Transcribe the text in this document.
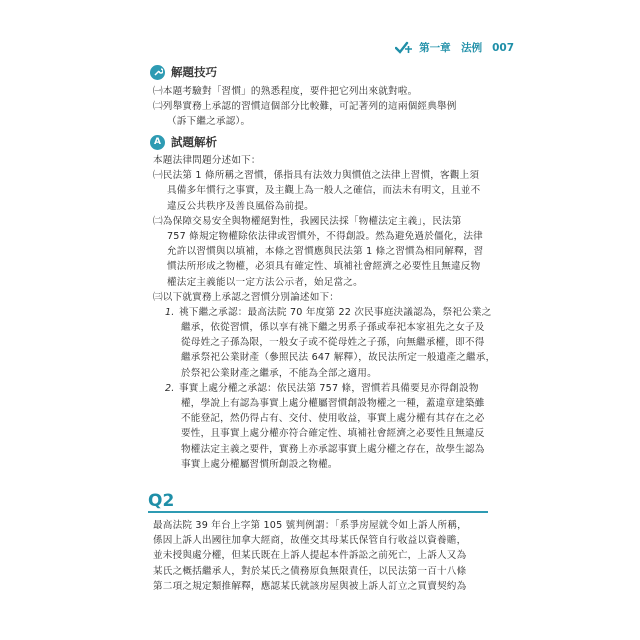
第一章　法例 007
解題技巧
㈠本題考驗對「習慣」的熟悉程度，要件把它列出來就對啦。
㈡列舉實務上承認的習慣這個部分比較難，可記著列的這兩個經典舉例
（訴下繼之承認）。
A 試題解析
本題法律問題分述如下：
㈠民法第 1 條所稱之習慣，係指具有法效力與慣值之法律上習慣，客觀上須
具備多年慣行之事實，及主觀上為一般人之確信，而法未有明文，且並不
違反公共秩序及善良風俗為前提。
㈡為保障交易安全與物權絕對性，我國民法採「物權法定主義」，民法第
757 條規定物權除依法律或習慣外，不得創設。然為避免過於僵化，法律
允許以習慣與以填補，本條之習慣應與民法第 1 條之習慣為相同解釋，習
慣法所形成之物權，必須具有確定性、填補社會經濟之必要性且無違反物
權法定主義能以一定方法公示者，始足當之。
㈢以下就實務上承認之習慣分別論述如下：
1. 祧下繼之承認：最高法院 70 年度第 22 次民事庭決議認為，祭祀公業之
繼承，依從習慣，係以享有祧下繼之男系子孫或奉祀本家祖先之女子及
從母姓之子孫為限，一般女子或不從母姓之子孫，向無繼承權，即不得
繼承祭祀公業財產（參照民法 647 解釋），故民法所定一般遺產之繼承，
於祭祀公業財產之繼承，不能為全部之適用。
2. 事實上處分權之承認：依民法第 757 條，習慣若具備要見亦得創設物
權，學說上有認為事實上處分權屬習慣創設物權之一種，蓋違章建築雖
不能登記，然仍得占有、交付、使用收益，事實上處分權有其存在之必
要性，且事實上處分權亦符合確定性、填補社會經濟之必要性且無違反
物權法定主義之要件，實務上亦承認事實上處分權之存在，故學生認為
事實上處分權屬習慣所創設之物權。
Q2
最高法院 39 年台上字第 105 號判例謂：「系爭房屋就令如上訴人所稱，
係因上訴人出國往加拿大經商，故僅交其母某氏保管自行收益以資養贍，
並未授與處分權，但某氏既在上訴人提起本件訴訟之前死亡，上訴人又為
某氏之概括繼承人，對於某氏之債務原負無限責任，以民法第一百十八條
第二項之規定類推解釋，應認某氏就該房屋與被上訴人訂立之買賣契約為
